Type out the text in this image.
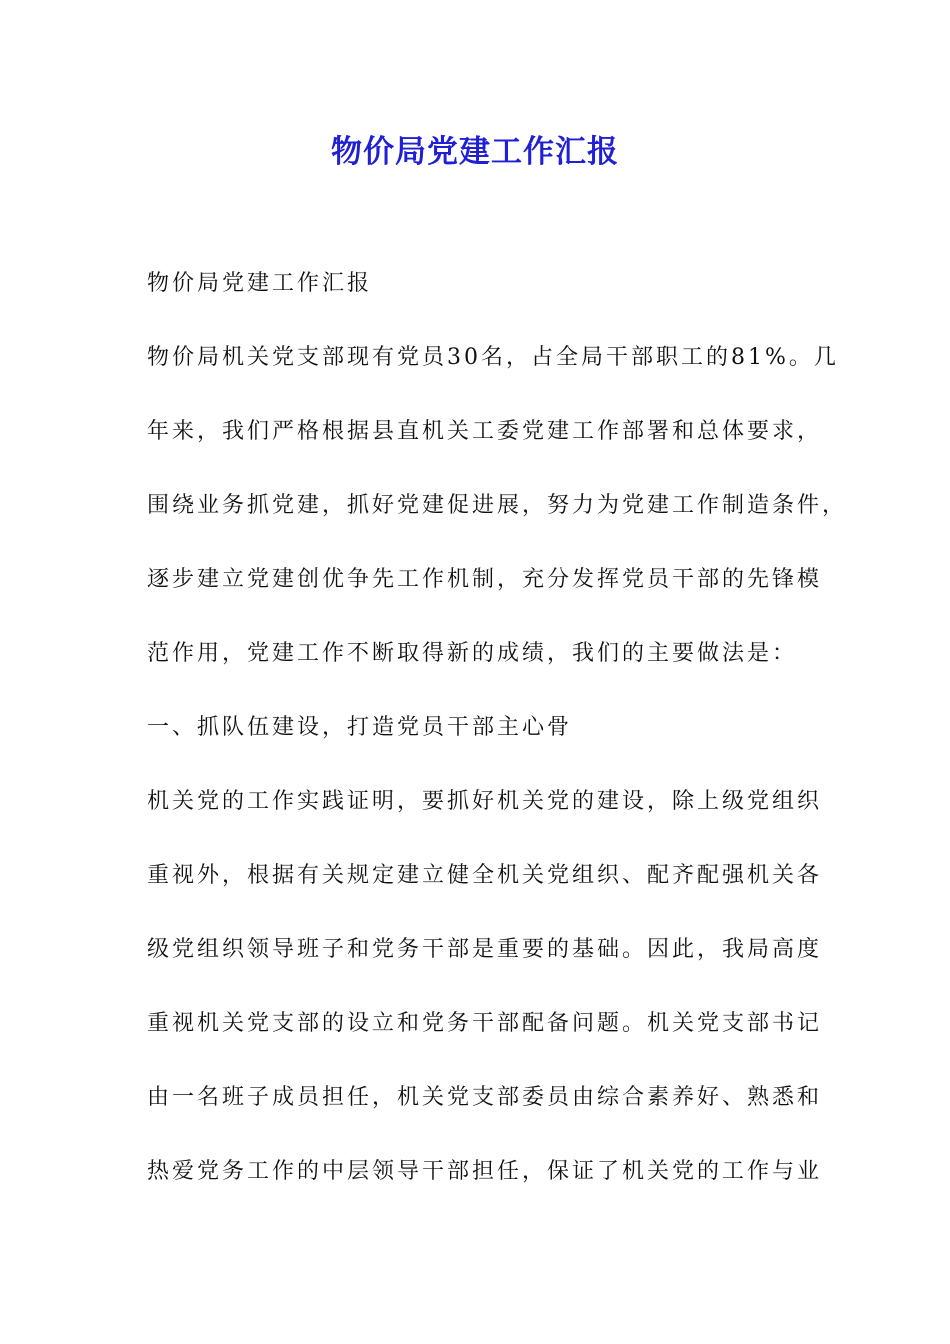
物价局党建工作汇报
物价局党建工作汇报
物价局机关党支部现有党员30名，占全局干部职工的81%。几
年来，我们严格根据县直机关工委党建工作部署和总体要求，
围绕业务抓党建，抓好党建促进展，努力为党建工作制造条件，
逐步建立党建创优争先工作机制，充分发挥党员干部的先锋模
范作用，党建工作不断取得新的成绩，我们的主要做法是：
一、抓队伍建设，打造党员干部主心骨
机关党的工作实践证明，要抓好机关党的建设，除上级党组织
重视外，根据有关规定建立健全机关党组织、配齐配强机关各
级党组织领导班子和党务干部是重要的基础。因此，我局高度
重视机关党支部的设立和党务干部配备问题。机关党支部书记
由一名班子成员担任，机关党支部委员由综合素养好、熟悉和
热爱党务工作的中层领导干部担任，保证了机关党的工作与业
